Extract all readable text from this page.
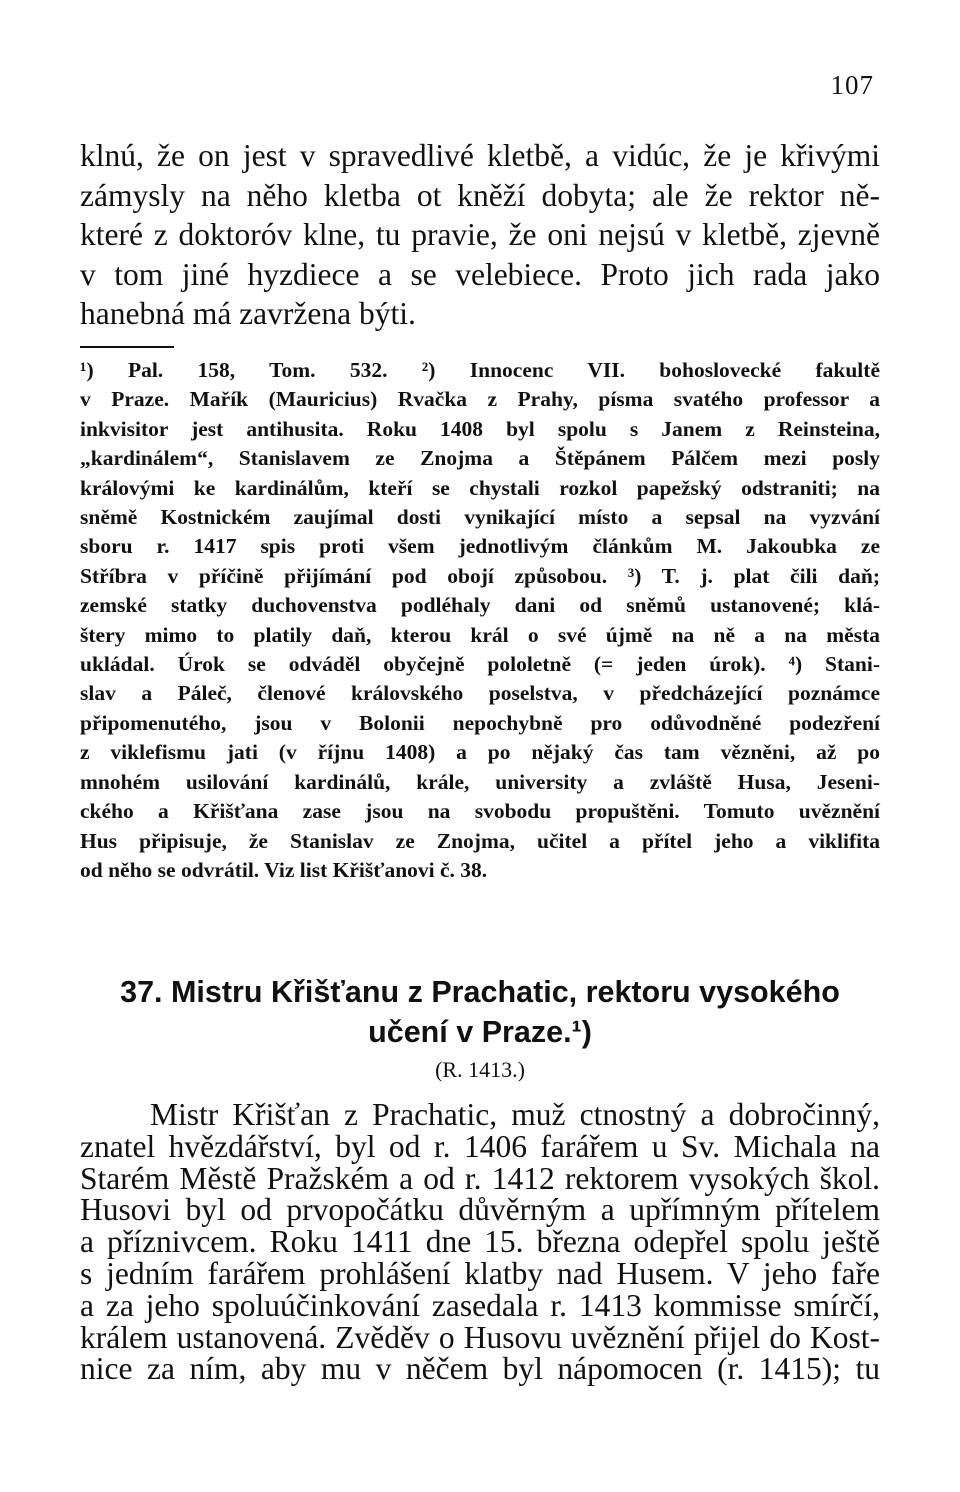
107
klnú, že on jest v spravedlivé kletbě, a vidúc, že je křivými
zámysly na něho kletba ot kněží dobyta; ale že rektor ně-
které z doktoróv klne, tu pravie, že oni nejsú v kletbě, zjevně
v tom jiné hyzdiece a se velebiece. Proto jich rada jako
hanebná má zavržena býti.
¹) Pal. 158, Tom. 532. ²) Innocenc VII. bohoslovecké fakultě
v Praze. Mařík (Mauricius) Rvačka z Prahy, písma svatého professor a
inkvisitor jest antihusita. Roku 1408 byl spolu s Janem z Reinsteina,
„kardinálem“, Stanislavem ze Znojma a Štěpánem Pálčem mezi posly
královými ke kardinálům, kteří se chystali rozkol papežský odstraniti; na
sněmě Kostnickém zaujímal dosti vynikající místo a sepsal na vyzvání
sboru r. 1417 spis proti všem jednotlivým článkům M. Jakoubka ze
Stříbra v příčině přijímání pod obojí způsobou. ³) T. j. plat čili daň;
zemské statky duchovenstva podléhaly dani od sněmů ustanovené; klá-
štery mimo to platily daň, kterou král o své újmě na ně a na města
ukládal. Úrok se odváděl obyčejně pololetně (= jeden úrok). ⁴) Stani-
slav a Páleč, členové královského poselstva, v předcházející poznámce
připomenutého, jsou v Bolonii nepochybně pro odůvodněné podezření
z viklefismu jati (v říjnu 1408) a po nějaký čas tam vězněni, až po
mnohém usilování kardinálů, krále, university a zvláště Husa, Jeseni-
ckého a Křišťana zase jsou na svobodu propuštěni. Tomuto uvěznění
Hus připisuje, že Stanislav ze Znojma, učitel a přítel jeho a viklifita
od něho se odvrátil. Viz list Křišťanovi č. 38.
37. Mistru Křišťanu z Prachatic, rektoru vysokého
učení v Praze.¹)
(R. 1413.)
Mistr Křišťan z Prachatic, muž ctnostný a dobročinný,
znatel hvězdářství, byl od r. 1406 farářem u Sv. Michala na
Starém Městě Pražském a od r. 1412 rektorem vysokých škol.
Husovi byl od prvopočátku důvěrným a upřímným přítelem
a příznivcem. Roku 1411 dne 15. března odepřel spolu ještě
s jedním farářem prohlášení klatby nad Husem. V jeho faře
a za jeho spoluúčinkování zasedala r. 1413 kommisse smírčí,
králem ustanovená. Zvěděv o Husovu uvěznění přijel do Kost-
nice za ním, aby mu v něčem byl nápomocen (r. 1415); tu
